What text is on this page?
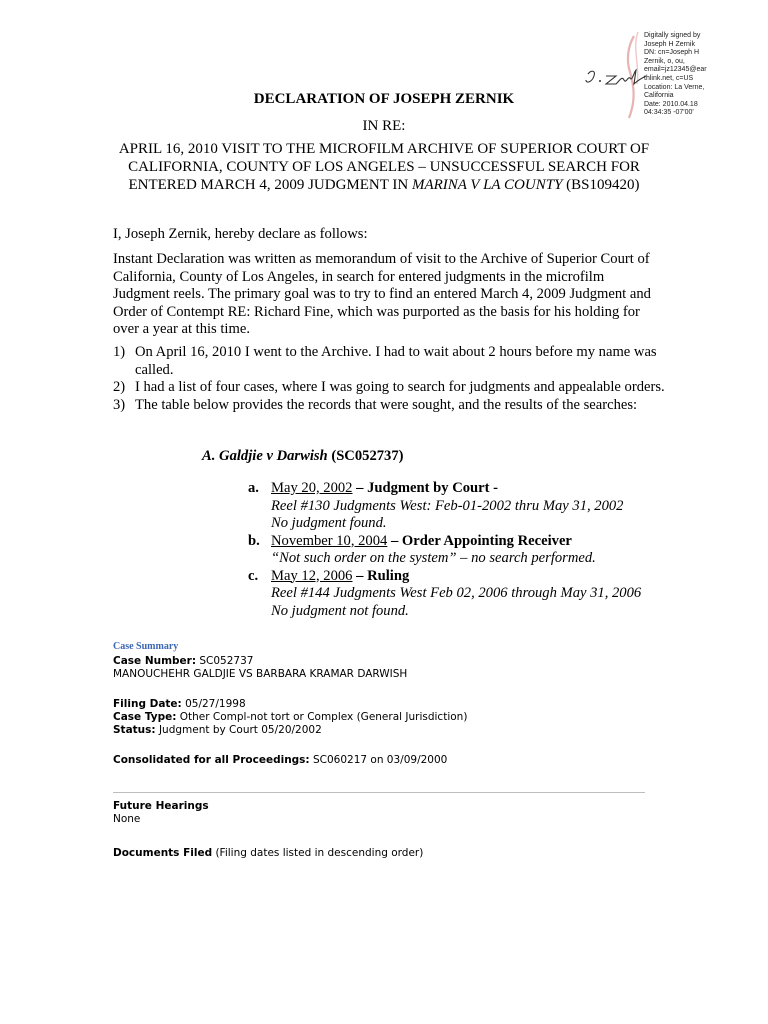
Digitally signed by
Joseph H Zernik
DN: cn=Joseph H
Zernik, o, ou,
email=jz12345@ear
thlink.net, c=US
Location: La Verne,
California
Date: 2010.04.18
04:34:35 -07'00'
DECLARATION OF JOSEPH ZERNIK
IN RE:
APRIL 16, 2010 VISIT TO THE MICROFILM ARCHIVE OF SUPERIOR COURT OF
CALIFORNIA, COUNTY OF LOS ANGELES – UNSUCCESSFUL SEARCH FOR
ENTERED MARCH 4, 2009 JUDGMENT IN MARINA V LA COUNTY (BS109420)
I, Joseph Zernik, hereby declare as follows:
Instant Declaration was written as memorandum of visit to the Archive of Superior Court of California, County of Los Angeles, in search for entered judgments in the microfilm Judgment reels. The primary goal was to try to find an entered March 4, 2009 Judgment and Order of Contempt RE: Richard Fine, which was purported as the basis for his holding for over a year at this time.
1) On April 16, 2010 I went to the Archive. I had to wait about 2 hours before my name was called.
2) I had a list of four cases, where I was going to search for judgments and appealable orders.
3) The table below provides the records that were sought, and the results of the searches:
A. Galdjie v Darwish (SC052737)
a. May 20, 2002 – Judgment by Court -
Reel #130 Judgments West: Feb-01-2002 thru May 31, 2002
No judgment found.
b. November 10, 2004 – Order Appointing Receiver
“Not such order on the system” – no search performed.
c. May 12, 2006 – Ruling
Reel #144 Judgments West Feb 02, 2006 through May 31, 2006
No judgment not found.
Case Summary
Case Number: SC052737
MANOUCHEHR GALDJIE VS BARBARA KRAMAR DARWISH
Filing Date: 05/27/1998
Case Type: Other Compl-not tort or Complex (General Jurisdiction)
Status: Judgment by Court 05/20/2002
Consolidated for all Proceedings: SC060217 on 03/09/2000
Future Hearings
None
Documents Filed (Filing dates listed in descending order)
